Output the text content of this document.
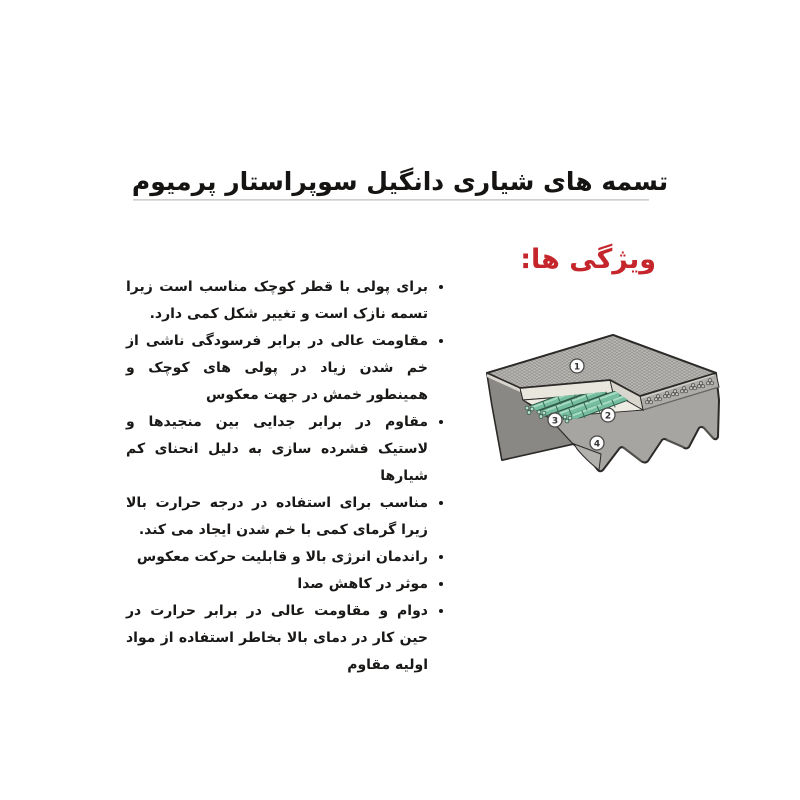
تسمه های شیاری دانگیل سوپراستار پرمیوم
ویژگی ها:
• برای پولی با قطر کوچک مناسب است زیرا تسمه نازک است و تغییر شکل کمی دارد.
• مقاومت عالی در برابر فرسودگی ناشی از خم شدن زیاد در پولی های کوچک و همینطور خمش در جهت معکوس
• مقاوم در برابر جدایی بین منجیدها و لاستیک فشرده سازی به دلیل انحنای کم شیارها
• مناسب برای استفاده در درجه حرارت بالا زیرا گرمای کمی با خم شدن ایجاد می کند.
• راندمان انرژی بالا و قابلیت حرکت معکوس
• موثر در کاهش صدا
• دوام و مقاومت عالی در برابر حرارت در حین کار در دمای بالا بخاطر استفاده از مواد اولیه مقاوم
1
2
3
4
